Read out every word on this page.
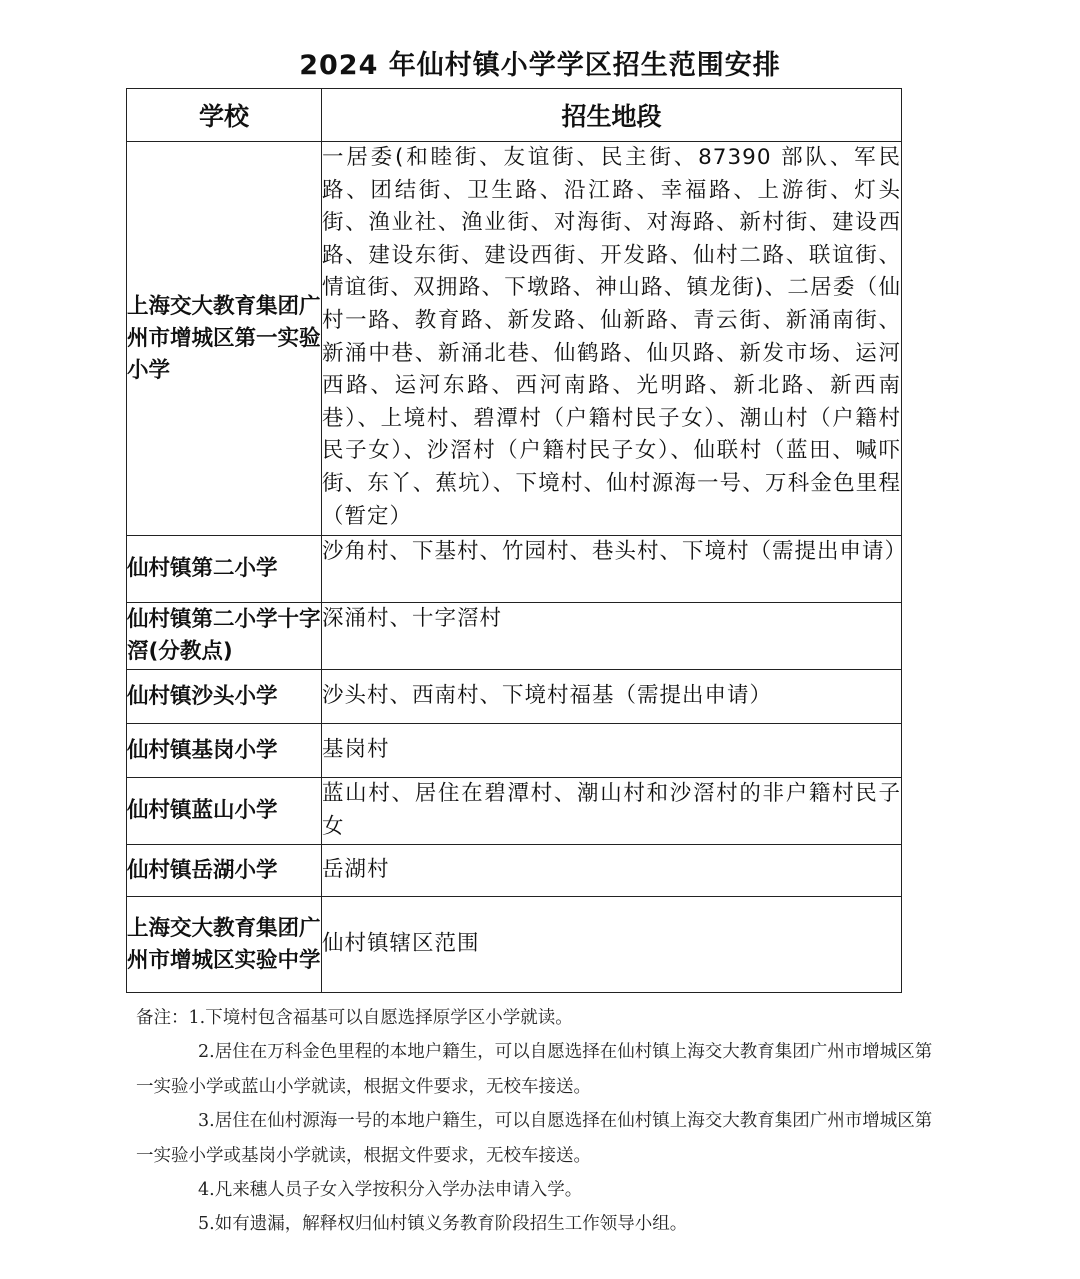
2024 年仙村镇小学学区招生范围安排
学校	招生地段
上海交大教育集团广州市增城区第一实验小学	一居委(和睦街、友谊街、民主街、87390 部队、军民路、团结街、卫生路、沿江路、幸福路、上游街、灯头街、渔业社、渔业街、对海街、对海路、新村街、建设西路、建设东街、建设西街、开发路、仙村二路、联谊街、情谊街、双拥路、下墩路、神山路、镇龙街)、二居委（仙村一路、教育路、新发路、仙新路、青云街、新涌南街、新涌中巷、新涌北巷、仙鹤路、仙贝路、新发市场、运河西路、运河东路、西河南路、光明路、新北路、新西南巷）、上境村、碧潭村（户籍村民子女）、潮山村（户籍村民子女）、沙滘村（户籍村民子女）、仙联村（蓝田、喊吓街、东丫、蕉坑）、下境村、仙村源海一号、万科金色里程（暂定）
仙村镇第二小学	沙角村、下基村、竹园村、巷头村、下境村（需提出申请）
仙村镇第二小学十字滘(分教点)	深涌村、十字滘村
仙村镇沙头小学	沙头村、西南村、下境村福基（需提出申请）
仙村镇基岗小学	基岗村
仙村镇蓝山小学	蓝山村、居住在碧潭村、潮山村和沙滘村的非户籍村民子女
仙村镇岳湖小学	岳湖村
上海交大教育集团广州市增城区实验中学	仙村镇辖区范围

备注：1.下境村包含福基可以自愿选择原学区小学就读。

2.居住在万科金色里程的本地户籍生，可以自愿选择在仙村镇上海交大教育集团广州市增城区第一实验小学或蓝山小学就读，根据文件要求，无校车接送。

3.居住在仙村源海一号的本地户籍生，可以自愿选择在仙村镇上海交大教育集团广州市增城区第一实验小学或基岗小学就读，根据文件要求，无校车接送。

4.凡来穗人员子女入学按积分入学办法申请入学。

5.如有遗漏，解释权归仙村镇义务教育阶段招生工作领导小组。
